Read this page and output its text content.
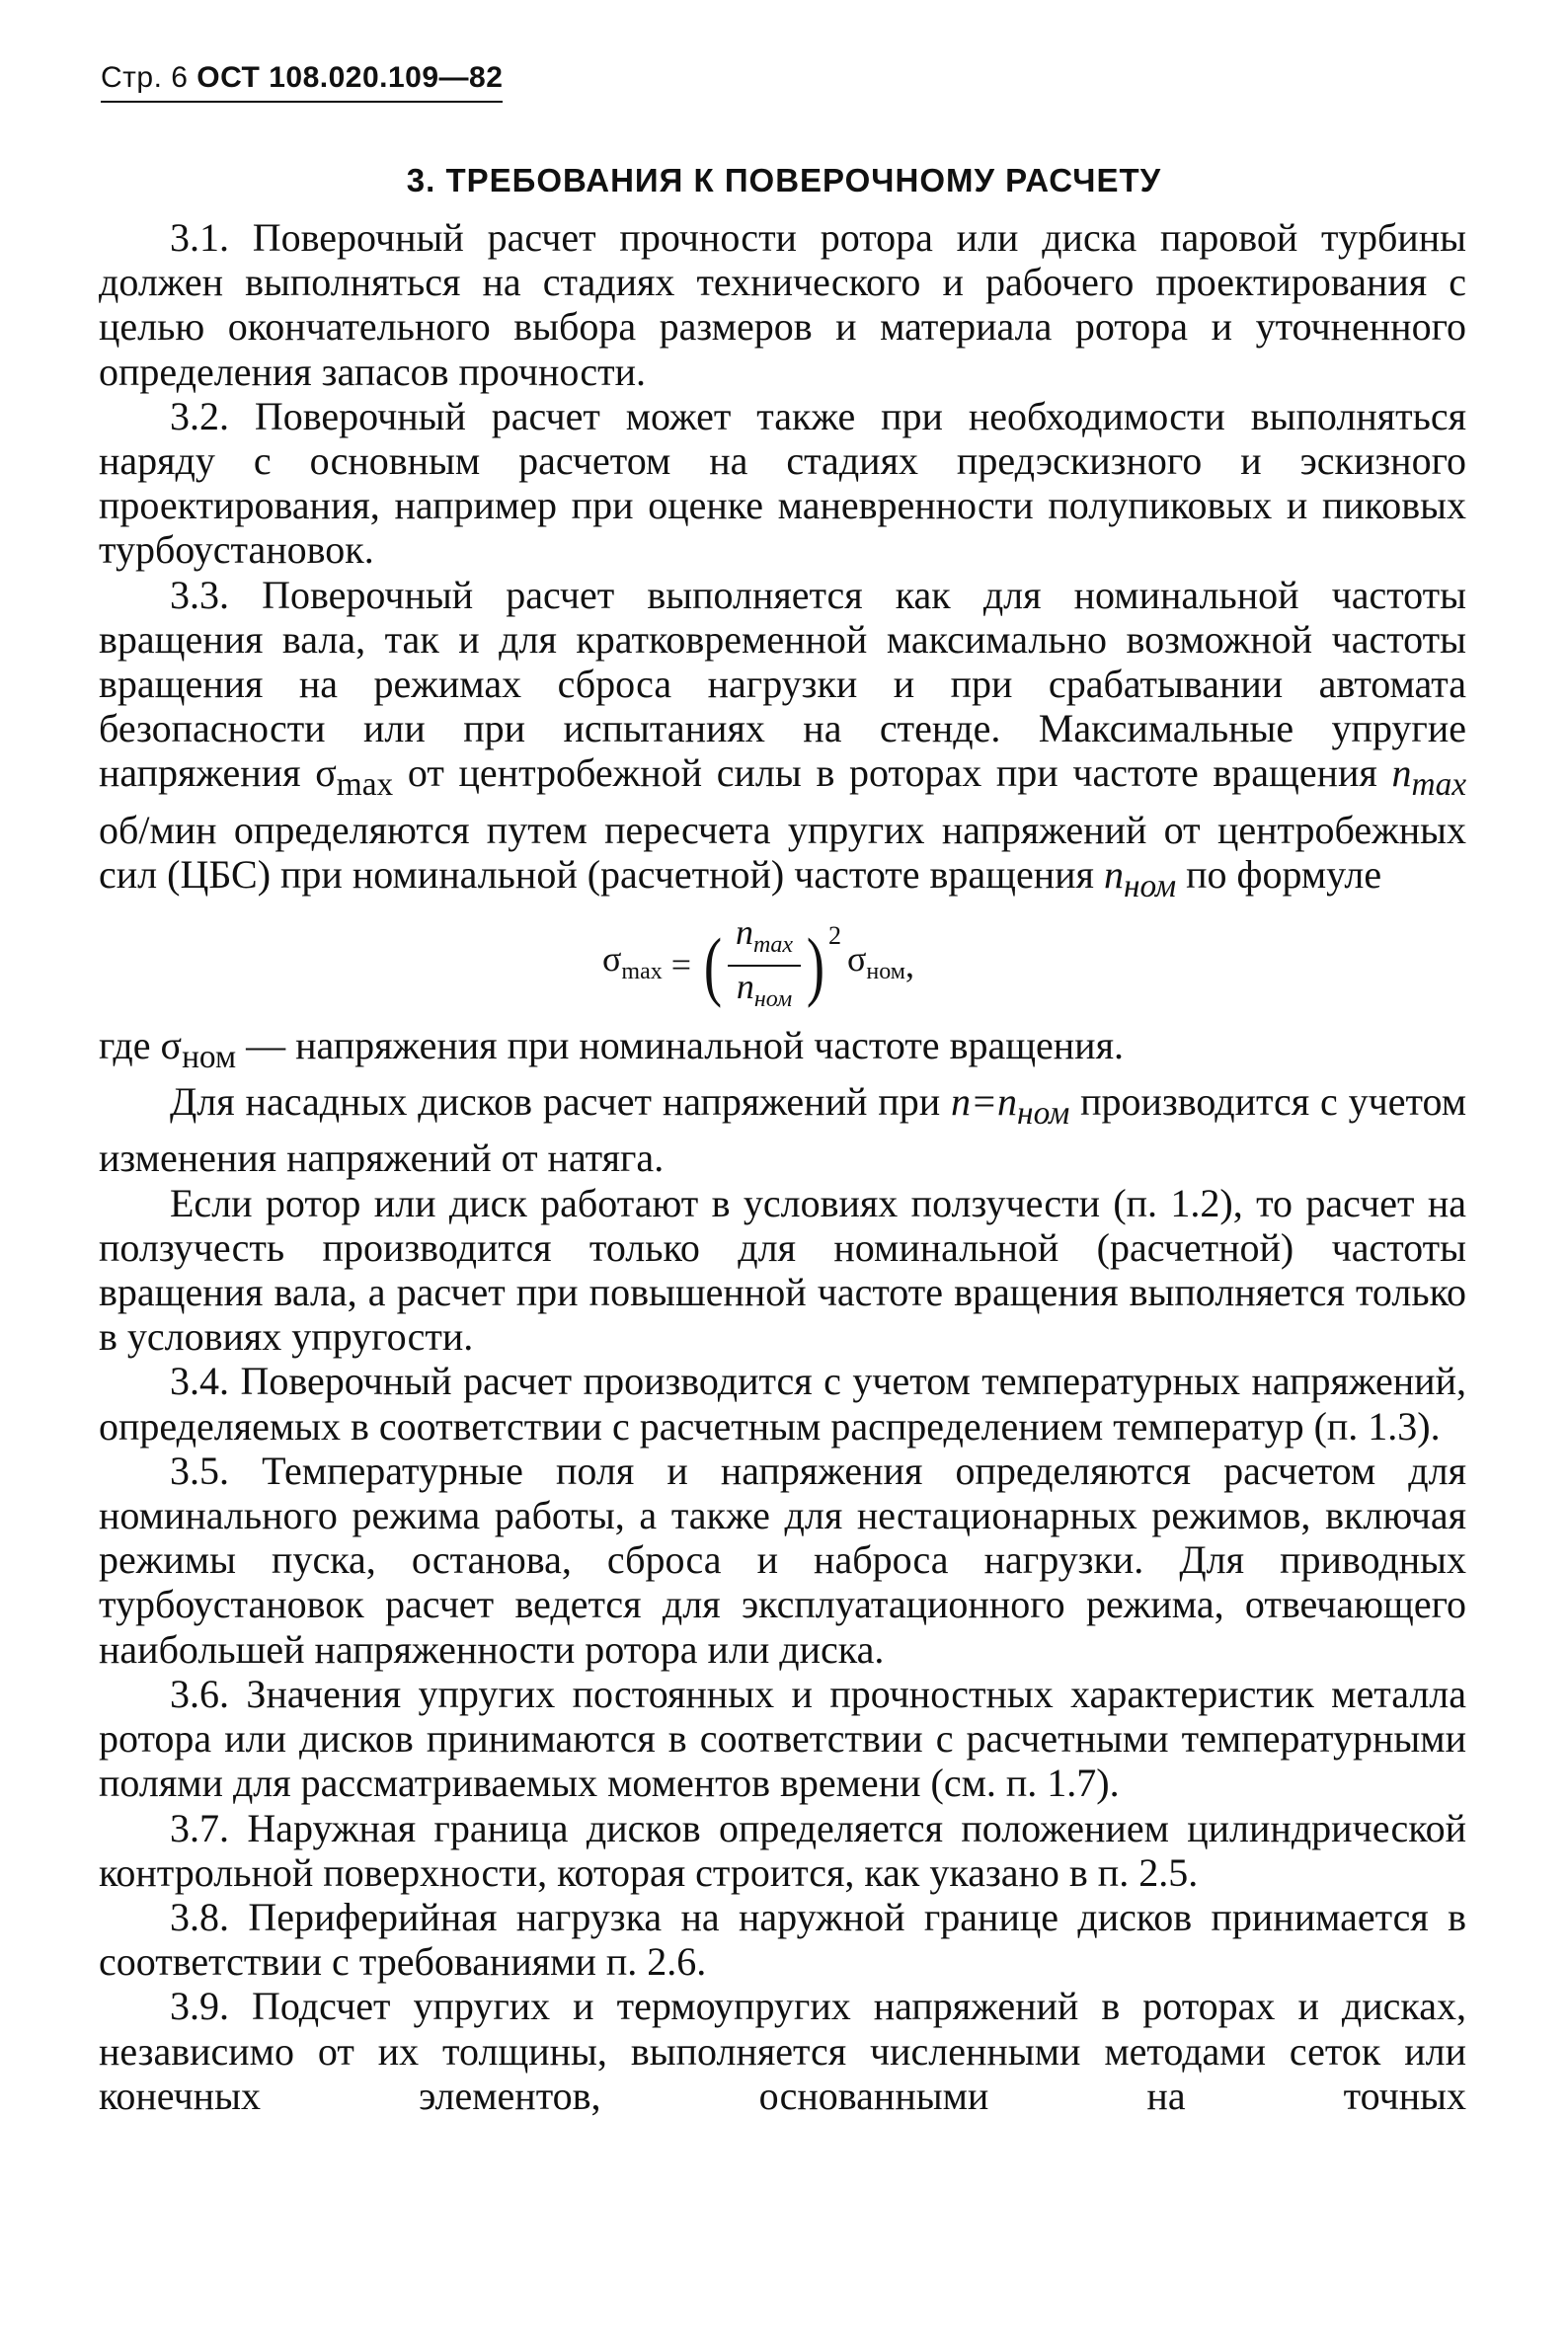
Стр. 6 ОСТ 108.020.109—82
3. ТРЕБОВАНИЯ К ПОВЕРОЧНОМУ РАСЧЕТУ

3.1. Поверочный расчет прочности ротора или диска паровой турбины должен выполняться на стадиях технического и рабочего проектирования с целью окончательного выбора размеров и материала ротора и уточненного определения запасов прочности.

3.2. Поверочный расчет может также при необходимости выполняться наряду с основным расчетом на стадиях предэскизного и эскизного проектирования, например при оценке маневренности полупиковых и пиковых турбоустановок.

3.3. Поверочный расчет выполняется как для номинальной частоты вращения вала, так и для кратковременной максимально возможной частоты вращения на режимах сброса нагрузки и при срабатывании автомата безопасности или при испытаниях на стенде. Максимальные упругие напряжения $\sigma_{max}$ от центробежной силы в роторах при частоте вращения $n_{max}$ об/мин определяются путем пересчета упругих напряжений от центробежных сил (ЦБС) при номинальной (расчетной) частоте вращения $n_{ном}$ по формуле

$\sigma_{max}$ = ( $\frac{n_{max}}{n_{ном}}$ ) 2
$\sigma_{ном}$ ,

где $\sigma_{ном}$ — напряжения при номинальной частоте вращения.

Для насадных дисков расчет напряжений при $n=n_{ном}$ производится с учетом изменения напряжений от натяга.

Если ротор или диск работают в условиях ползучести (п. 1.2), то расчет на ползучесть производится только для номинальной (расчетной) частоты вращения вала, а расчет при повышенной частоте вращения выполняется только в условиях упругости.

3.4. Поверочный расчет производится с учетом температурных напряжений, определяемых в соответствии с расчетным распределением температур (п. 1.3).

3.5. Температурные поля и напряжения определяются расчетом для номинального режима работы, а также для нестационарных режимов, включая режимы пуска, останова, сброса и наброса нагрузки. Для приводных турбоустановок расчет ведется для эксплуатационного режима, отвечающего наибольшей напряженности ротора или диска.

3.6. Значения упругих постоянных и прочностных характеристик металла ротора или дисков принимаются в соответствии с расчетными температурными полями для рассматриваемых моментов времени (см. п. 1.7).

3.7. Наружная граница дисков определяется положением цилиндрической контрольной поверхности, которая строится, как указано в п. 2.5.

3.8. Периферийная нагрузка на наружной границе дисков принимается в соответствии с требованиями п. 2.6.

3.9. Подсчет упругих и термоупругих напряжений в роторах и дисках, независимо от их толщины, выполняется численными методами сеток или конечных элементов, основанными на точных
